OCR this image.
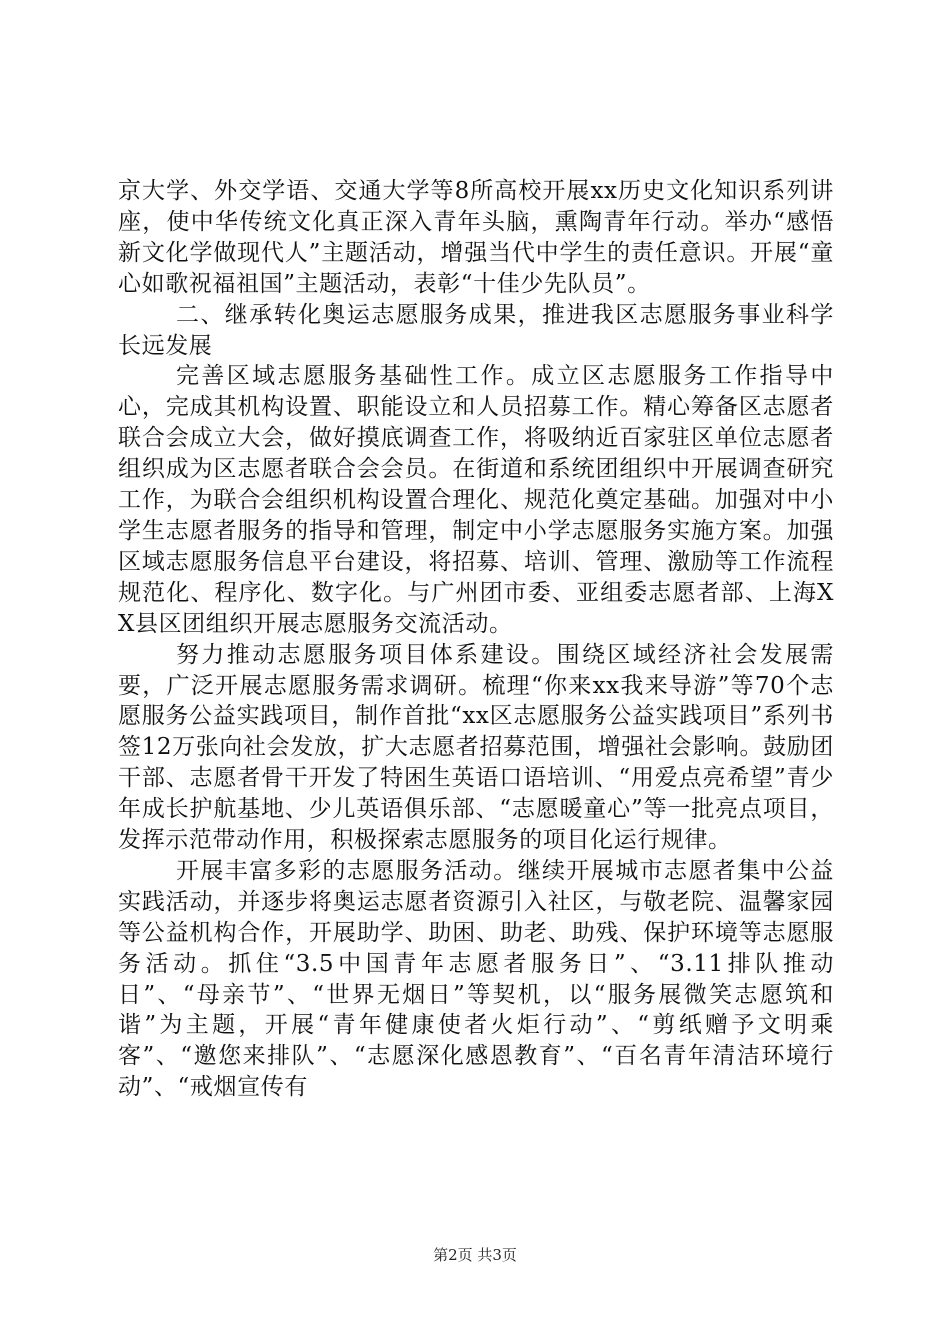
京大学、外交学语、交通大学等8所高校开展xx历史文化知识系列讲座，使中华传统文化真正深入青年头脑，熏陶青年行动。举办“感悟新文化学做现代人”主题活动，增强当代中学生的责任意识。开展“童心如歌祝福祖国”主题活动，表彰“十佳少先队员”。

二、继承转化奥运志愿服务成果，推进我区志愿服务事业科学长远发展

完善区域志愿服务基础性工作。成立区志愿服务工作指导中心，完成其机构设置、职能设立和人员招募工作。精心筹备区志愿者联合会成立大会，做好摸底调查工作，将吸纳近百家驻区单位志愿者组织成为区志愿者联合会会员。在街道和系统团组织中开展调查研究工作，为联合会组织机构设置合理化、规范化奠定基础。加强对中小学生志愿者服务的指导和管理，制定中小学志愿服务实施方案。加强区域志愿服务信息平台建设，将招募、培训、管理、激励等工作流程规范化、程序化、数字化。与广州团市委、亚组委志愿者部、上海XX县区团组织开展志愿服务交流活动。

努力推动志愿服务项目体系建设。围绕区域经济社会发展需要，广泛开展志愿服务需求调研。梳理“你来xx我来导游”等70个志愿服务公益实践项目，制作首批“xx区志愿服务公益实践项目”系列书签12万张向社会发放，扩大志愿者招募范围，增强社会影响。鼓励团干部、志愿者骨干开发了特困生英语口语培训、“用爱点亮希望”青少年成长护航基地、少儿英语俱乐部、“志愿暖童心”等一批亮点项目，发挥示范带动作用，积极探索志愿服务的项目化运行规律。

开展丰富多彩的志愿服务活动。继续开展城市志愿者集中公益实践活动，并逐步将奥运志愿者资源引入社区，与敬老院、温馨家园等公益机构合作，开展助学、助困、助老、助残、保护环境等志愿服务活动。抓住“3.5中国青年志愿者服务日”、“3.11排队推动日”、“母亲节”、“世界无烟日”等契机，以“服务展微笑志愿筑和谐”为主题，开展“青年健康使者火炬行动”、“剪纸赠予文明乘客”、“邀您来排队”、“志愿深化感恩教育”、“百名青年清洁环境行动”、“戒烟宣传有

第2页 共3页
